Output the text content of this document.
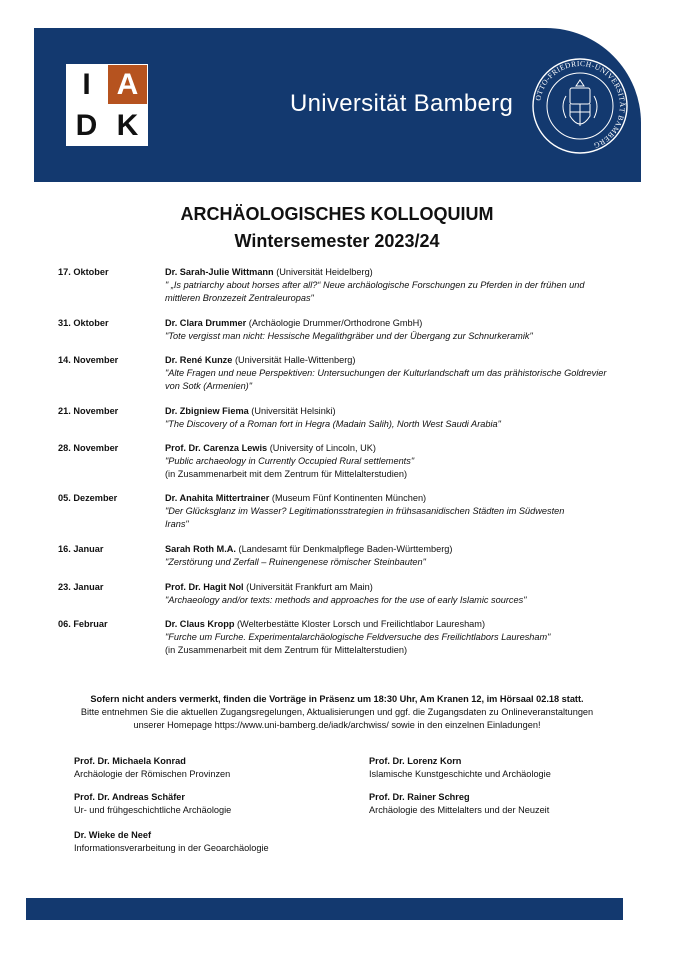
I A
D K
Universität Bamberg	OTTO-FRIEDRICH-UNIVERSITÄT BAMBERG
ARCHÄOLOGISCHES KOLLOQUIUM
Wintersemester 2023/24
17. Oktober	Dr. Sarah-Julie Wittmann (Universität Heidelberg)
" „Is patriarchy about horses after all?“ Neue archäologische Forschungen zu Pferden in der frühen und mittleren Bronzezeit Zentraleuropas"
31. Oktober	Dr. Clara Drummer (Archäologie Drummer/Orthodrone GmbH)
"Tote vergisst man nicht: Hessische Megalithgräber und der Übergang zur Schnurkeramik"
14. November	Dr. René Kunze (Universität Halle-Wittenberg)
"Alte Fragen und neue Perspektiven: Untersuchungen der Kulturlandschaft um das prähistorische Goldrevier von Sotk (Armenien)"
21. November	Dr. Zbigniew Fiema (Universität Helsinki)
"The Discovery of a Roman fort in Hegra (Madain Salih), North West Saudi Arabia"
28. November	Prof. Dr. Carenza Lewis (University of Lincoln, UK)
"Public archaeology in Currently Occupied Rural settlements"
(in Zusammenarbeit mit dem Zentrum für Mittelalterstudien)
05. Dezember	Dr. Anahita Mittertrainer (Museum Fünf Kontinenten München)
"Der Glücksglanz im Wasser? Legitimationsstrategien in frühsasanidischen Städten im Südwesten Irans"
16. Januar	Sarah Roth M.A. (Landesamt für Denkmalpflege Baden-Württemberg)
"Zerstörung und Zerfall – Ruinengenese römischer Steinbauten"
23. Januar	Prof. Dr. Hagit Nol (Universität Frankfurt am Main)
"Archaeology and/or texts: methods and approaches for the use of early Islamic sources"
06. Februar	Dr. Claus Kropp (Welterbestätte Kloster Lorsch und Freilichtlabor Lauresham)
"Furche um Furche. Experimentalarchäologische Feldversuche des Freilichtlabors Lauresham"
(in Zusammenarbeit mit dem Zentrum für Mittelalterstudien)
Sofern nicht anders vermerkt, finden die Vorträge in Präsenz um 18:30 Uhr, Am Kranen 12, im Hörsaal 02.18 statt.
Bitte entnehmen Sie die aktuellen Zugangsregelungen, Aktualisierungen und ggf. die Zugangsdaten zu Onlineveranstaltungen
unserer Homepage https://www.uni-bamberg.de/iadk/archwiss/ sowie in den einzelnen Einladungen!
Prof. Dr. Michaela Konrad
Archäologie der Römischen Provinzen
Prof. Dr. Lorenz Korn
Islamische Kunstgeschichte und Archäologie
Prof. Dr. Andreas Schäfer
Ur- und frühgeschichtliche Archäologie
Prof. Dr. Rainer Schreg
Archäologie des Mittelalters und der Neuzeit
Dr. Wieke de Neef
Informationsverarbeitung in der Geoarchäologie
